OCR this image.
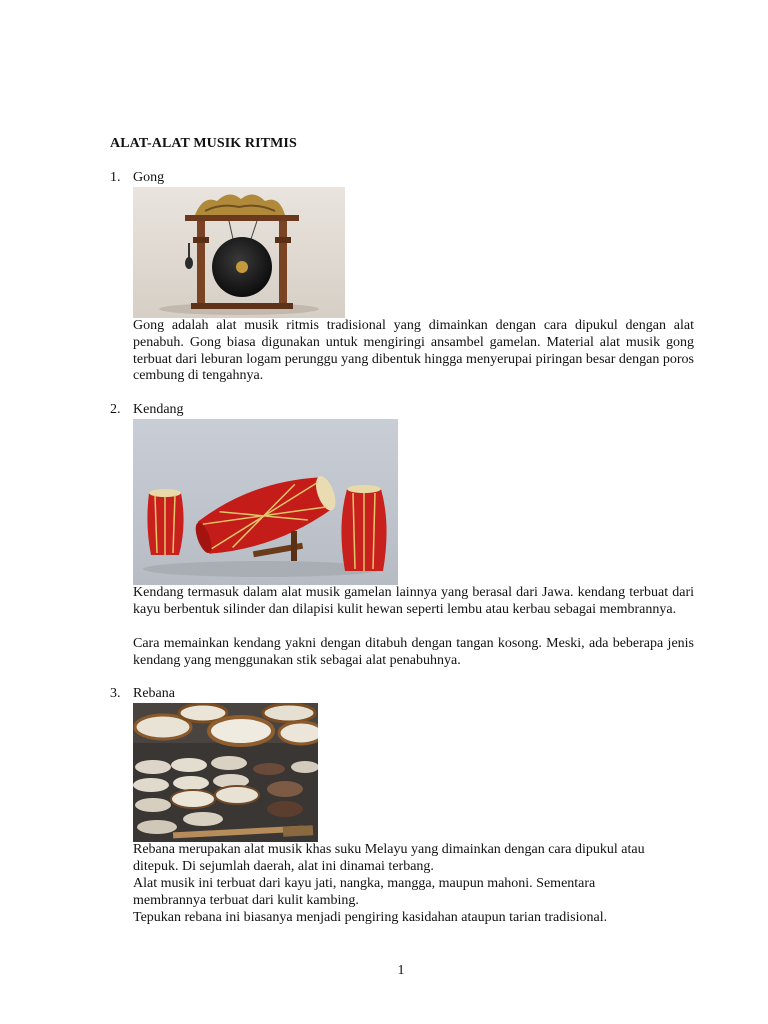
ALAT-ALAT MUSIK RITMIS
1. Gong

Gong adalah alat musik ritmis tradisional yang dimainkan dengan cara dipukul dengan alat penabuh. Gong biasa digunakan untuk mengiringi ansambel gamelan. Material alat musik gong terbuat dari leburan logam perunggu yang dibentuk hingga menyerupai piringan besar dengan poros cembung di tengahnya.

2. Kendang

Kendang termasuk dalam alat musik gamelan lainnya yang berasal dari Jawa. kendang terbuat dari kayu berbentuk silinder dan dilapisi kulit hewan seperti lembu atau kerbau sebagai membrannya.

Cara memainkan kendang yakni dengan ditabuh dengan tangan kosong. Meski, ada beberapa jenis kendang yang menggunakan stik sebagai alat penabuhnya.

3. Rebana

Rebana merupakan alat musik khas suku Melayu yang dimainkan dengan cara dipukul atau ditepuk. Di sejumlah daerah, alat ini dinamai terbang.

Alat musik ini terbuat dari kayu jati, nangka, mangga, maupun mahoni. Sementara membrannya terbuat dari kulit kambing.

Tepukan rebana ini biasanya menjadi pengiring kasidahan ataupun tarian tradisional.

1
